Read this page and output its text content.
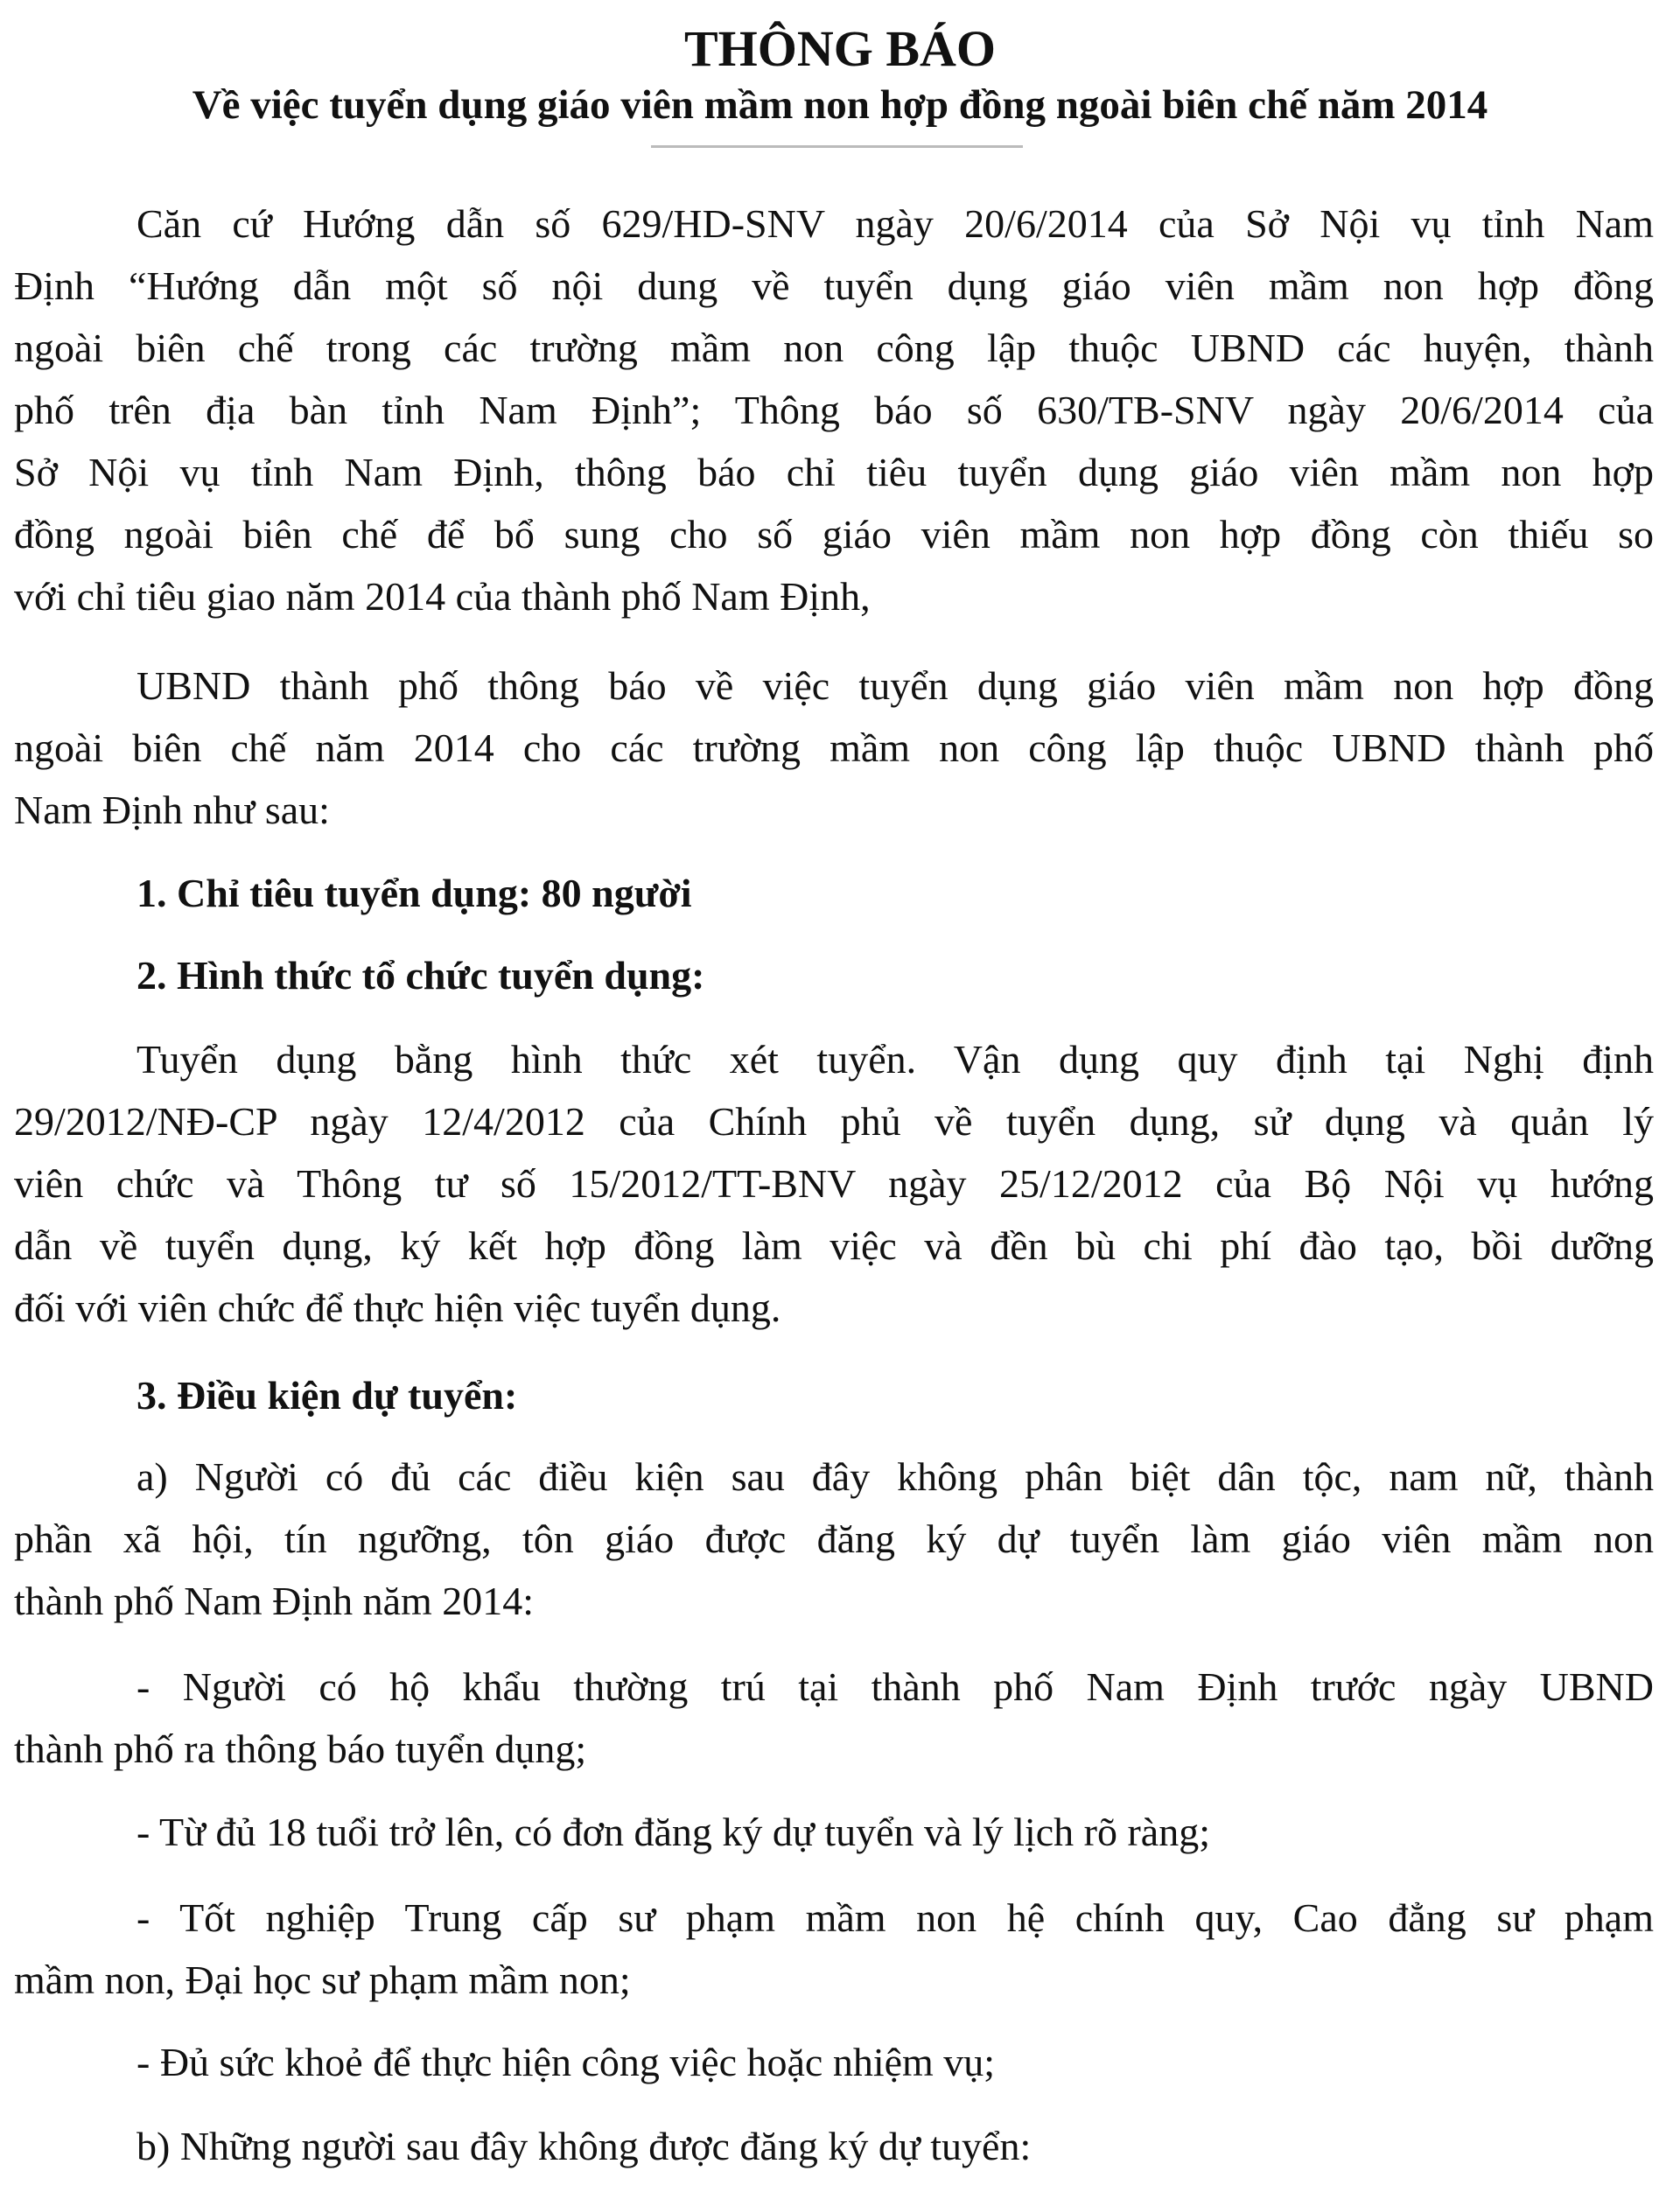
THÔNG BÁO
Về việc tuyển dụng giáo viên mầm non hợp đồng ngoài biên chế năm 2014
Căn cứ Hướng dẫn số 629/HD-SNV ngày 20/6/2014 của Sở Nội vụ tỉnh Nam
Định “Hướng dẫn một số nội dung về tuyển dụng giáo viên mầm non hợp đồng
ngoài biên chế trong các trường mầm non công lập thuộc UBND các huyện, thành
phố trên địa bàn tỉnh Nam Định”; Thông báo số 630/TB-SNV ngày 20/6/2014 của
Sở Nội vụ tỉnh Nam Định, thông báo chỉ tiêu tuyển dụng giáo viên mầm non hợp
đồng ngoài biên chế để bổ sung cho số giáo viên mầm non hợp đồng còn thiếu so
với chỉ tiêu giao năm 2014 của thành phố Nam Định,
UBND thành phố thông báo về việc tuyển dụng giáo viên mầm non hợp đồng
ngoài biên chế năm 2014 cho các trường mầm non công lập thuộc UBND thành phố
Nam Định như sau:
1. Chỉ tiêu tuyển dụng: 80 người
2. Hình thức tổ chức tuyển dụng:
Tuyển dụng bằng hình thức xét tuyển. Vận dụng quy định tại Nghị định
29/2012/NĐ-CP ngày 12/4/2012 của Chính phủ về tuyển dụng, sử dụng và quản lý
viên chức và Thông tư số 15/2012/TT-BNV ngày 25/12/2012 của Bộ Nội vụ hướng
dẫn về tuyển dụng, ký kết hợp đồng làm việc và đền bù chi phí đào tạo, bồi dưỡng
đối với viên chức để thực hiện việc tuyển dụng.
3. Điều kiện dự tuyển:
a) Người có đủ các điều kiện sau đây không phân biệt dân tộc, nam nữ, thành
phần xã hội, tín ngưỡng, tôn giáo được đăng ký dự tuyển làm giáo viên mầm non
thành phố Nam Định năm 2014:
- Người có hộ khẩu thường trú tại thành phố Nam Định trước ngày UBND
thành phố ra thông báo tuyển dụng;
- Từ đủ 18 tuổi trở lên, có đơn đăng ký dự tuyển và lý lịch rõ ràng;
- Tốt nghiệp Trung cấp sư phạm mầm non hệ chính quy, Cao đẳng sư phạm
mầm non, Đại học sư phạm mầm non;
- Đủ sức khoẻ để thực hiện công việc hoặc nhiệm vụ;
b) Những người sau đây không được đăng ký dự tuyển:
